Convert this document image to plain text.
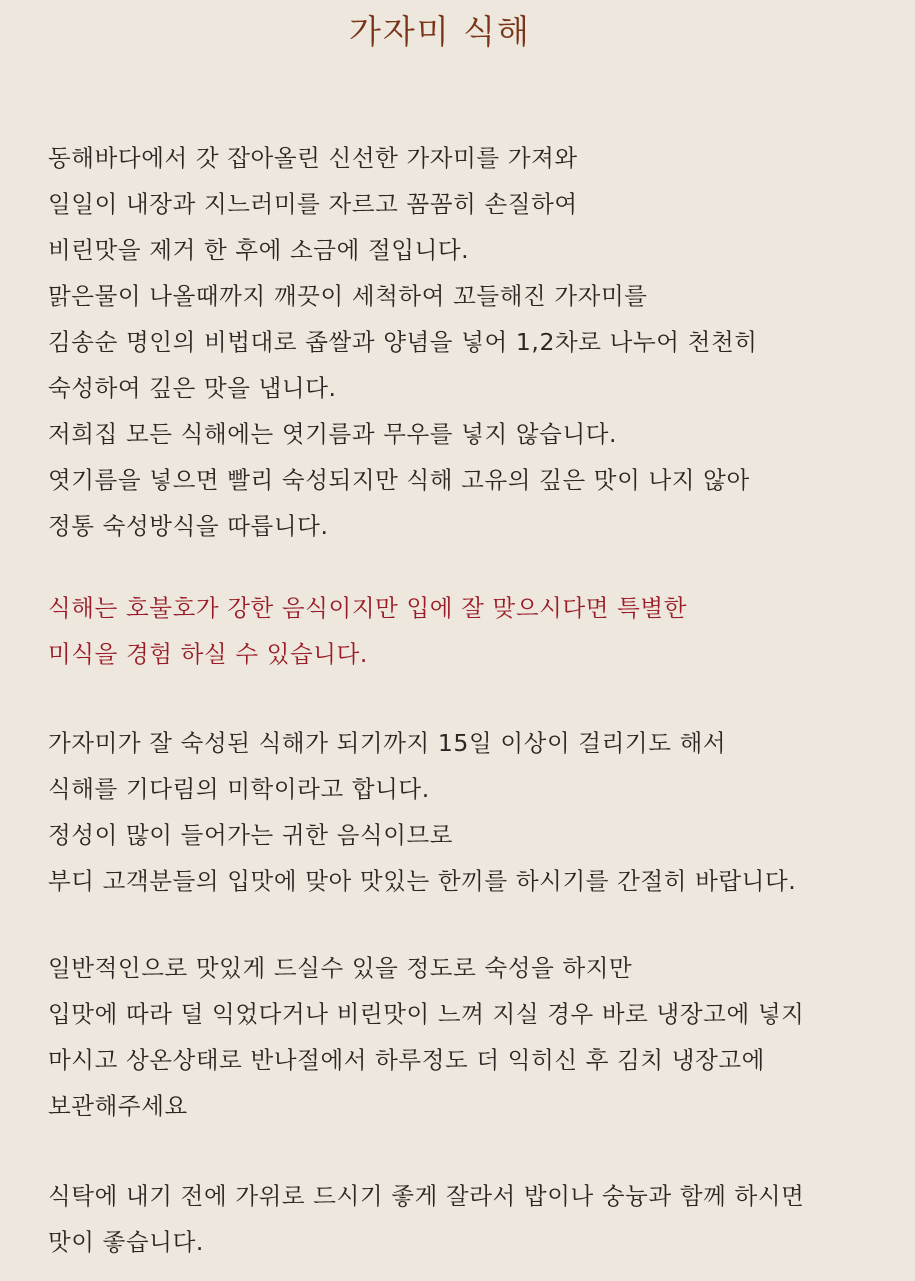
가자미 식해
동해바다에서 갓 잡아올린 신선한 가자미를 가져와
일일이 내장과 지느러미를 자르고 꼼꼼히 손질하여
비린맛을 제거 한 후에 소금에 절입니다.
맑은물이 나올때까지 깨끗이 세척하여 꼬들해진 가자미를
김송순 명인의 비법대로 좁쌀과 양념을 넣어 1,2차로 나누어 천천히
숙성하여 깊은 맛을 냅니다.
저희집 모든 식해에는 엿기름과 무우를 넣지 않습니다.
엿기름을 넣으면 빨리 숙성되지만 식해 고유의 깊은 맛이 나지 않아
정통 숙성방식을 따릅니다.
식해는 호불호가 강한 음식이지만 입에 잘 맞으시다면 특별한
미식을 경험 하실 수 있습니다.
가자미가 잘 숙성된 식해가 되기까지 15일 이상이 걸리기도 해서
식해를 기다림의 미학이라고 합니다.
정성이 많이 들어가는 귀한 음식이므로
부디 고객분들의 입맛에 맞아 맛있는 한끼를 하시기를 간절히 바랍니다.
일반적인으로 맛있게 드실수 있을 정도로 숙성을 하지만
입맛에 따라 덜 익었다거나 비린맛이 느껴 지실 경우 바로 냉장고에 넣지
마시고 상온상태로 반나절에서 하루정도 더 익히신 후 김치 냉장고에
보관해주세요
식탁에 내기 전에 가위로 드시기 좋게 잘라서 밥이나 숭늉과 함께 하시면
맛이 좋습니다.
